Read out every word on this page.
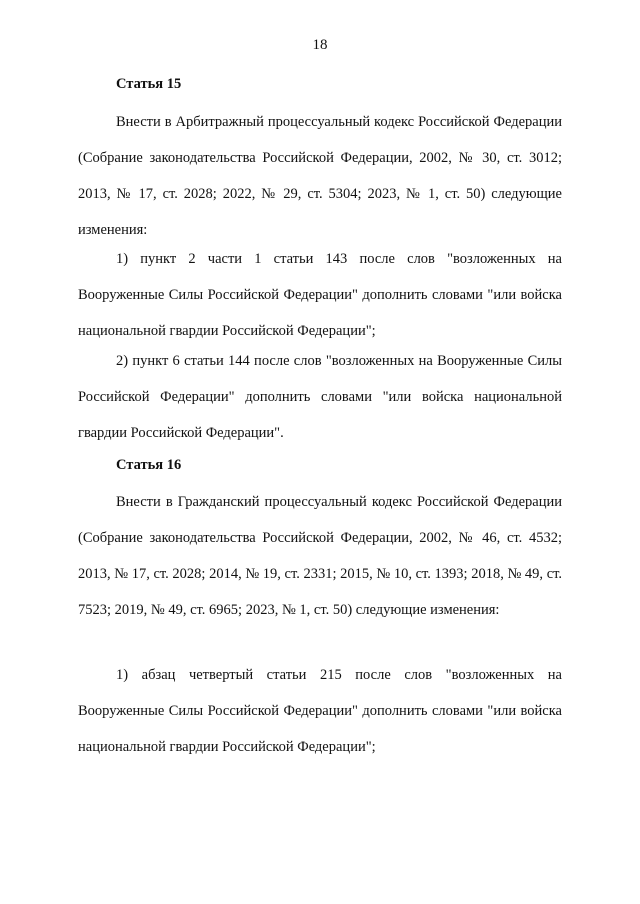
18
Статья 15

Внести в Арбитражный процессуальный кодекс Российской Федерации (Собрание законодательства Российской Федерации, 2002, № 30, ст. 3012; 2013, № 17, ст. 2028; 2022, № 29, ст. 5304; 2023, № 1, ст. 50) следующие изменения:

1) пункт 2 части 1 статьи 143 после слов "возложенных на Вооруженные Силы Российской Федерации" дополнить словами "или войска национальной гвардии Российской Федерации";

2) пункт 6 статьи 144 после слов "возложенных на Вооруженные Силы Российской Федерации" дополнить словами "или войска национальной гвардии Российской Федерации".

Статья 16

Внести в Гражданский процессуальный кодекс Российской Федерации (Собрание законодательства Российской Федерации, 2002, № 46, ст. 4532; 2013, № 17, ст. 2028; 2014, № 19, ст. 2331; 2015, № 10, ст. 1393; 2018, № 49, ст. 7523; 2019, № 49, ст. 6965; 2023, № 1, ст. 50) следующие изменения:

1) абзац четвертый статьи 215 после слов "возложенных на Вооруженные Силы Российской Федерации" дополнить словами "или войска национальной гвардии Российской Федерации";
